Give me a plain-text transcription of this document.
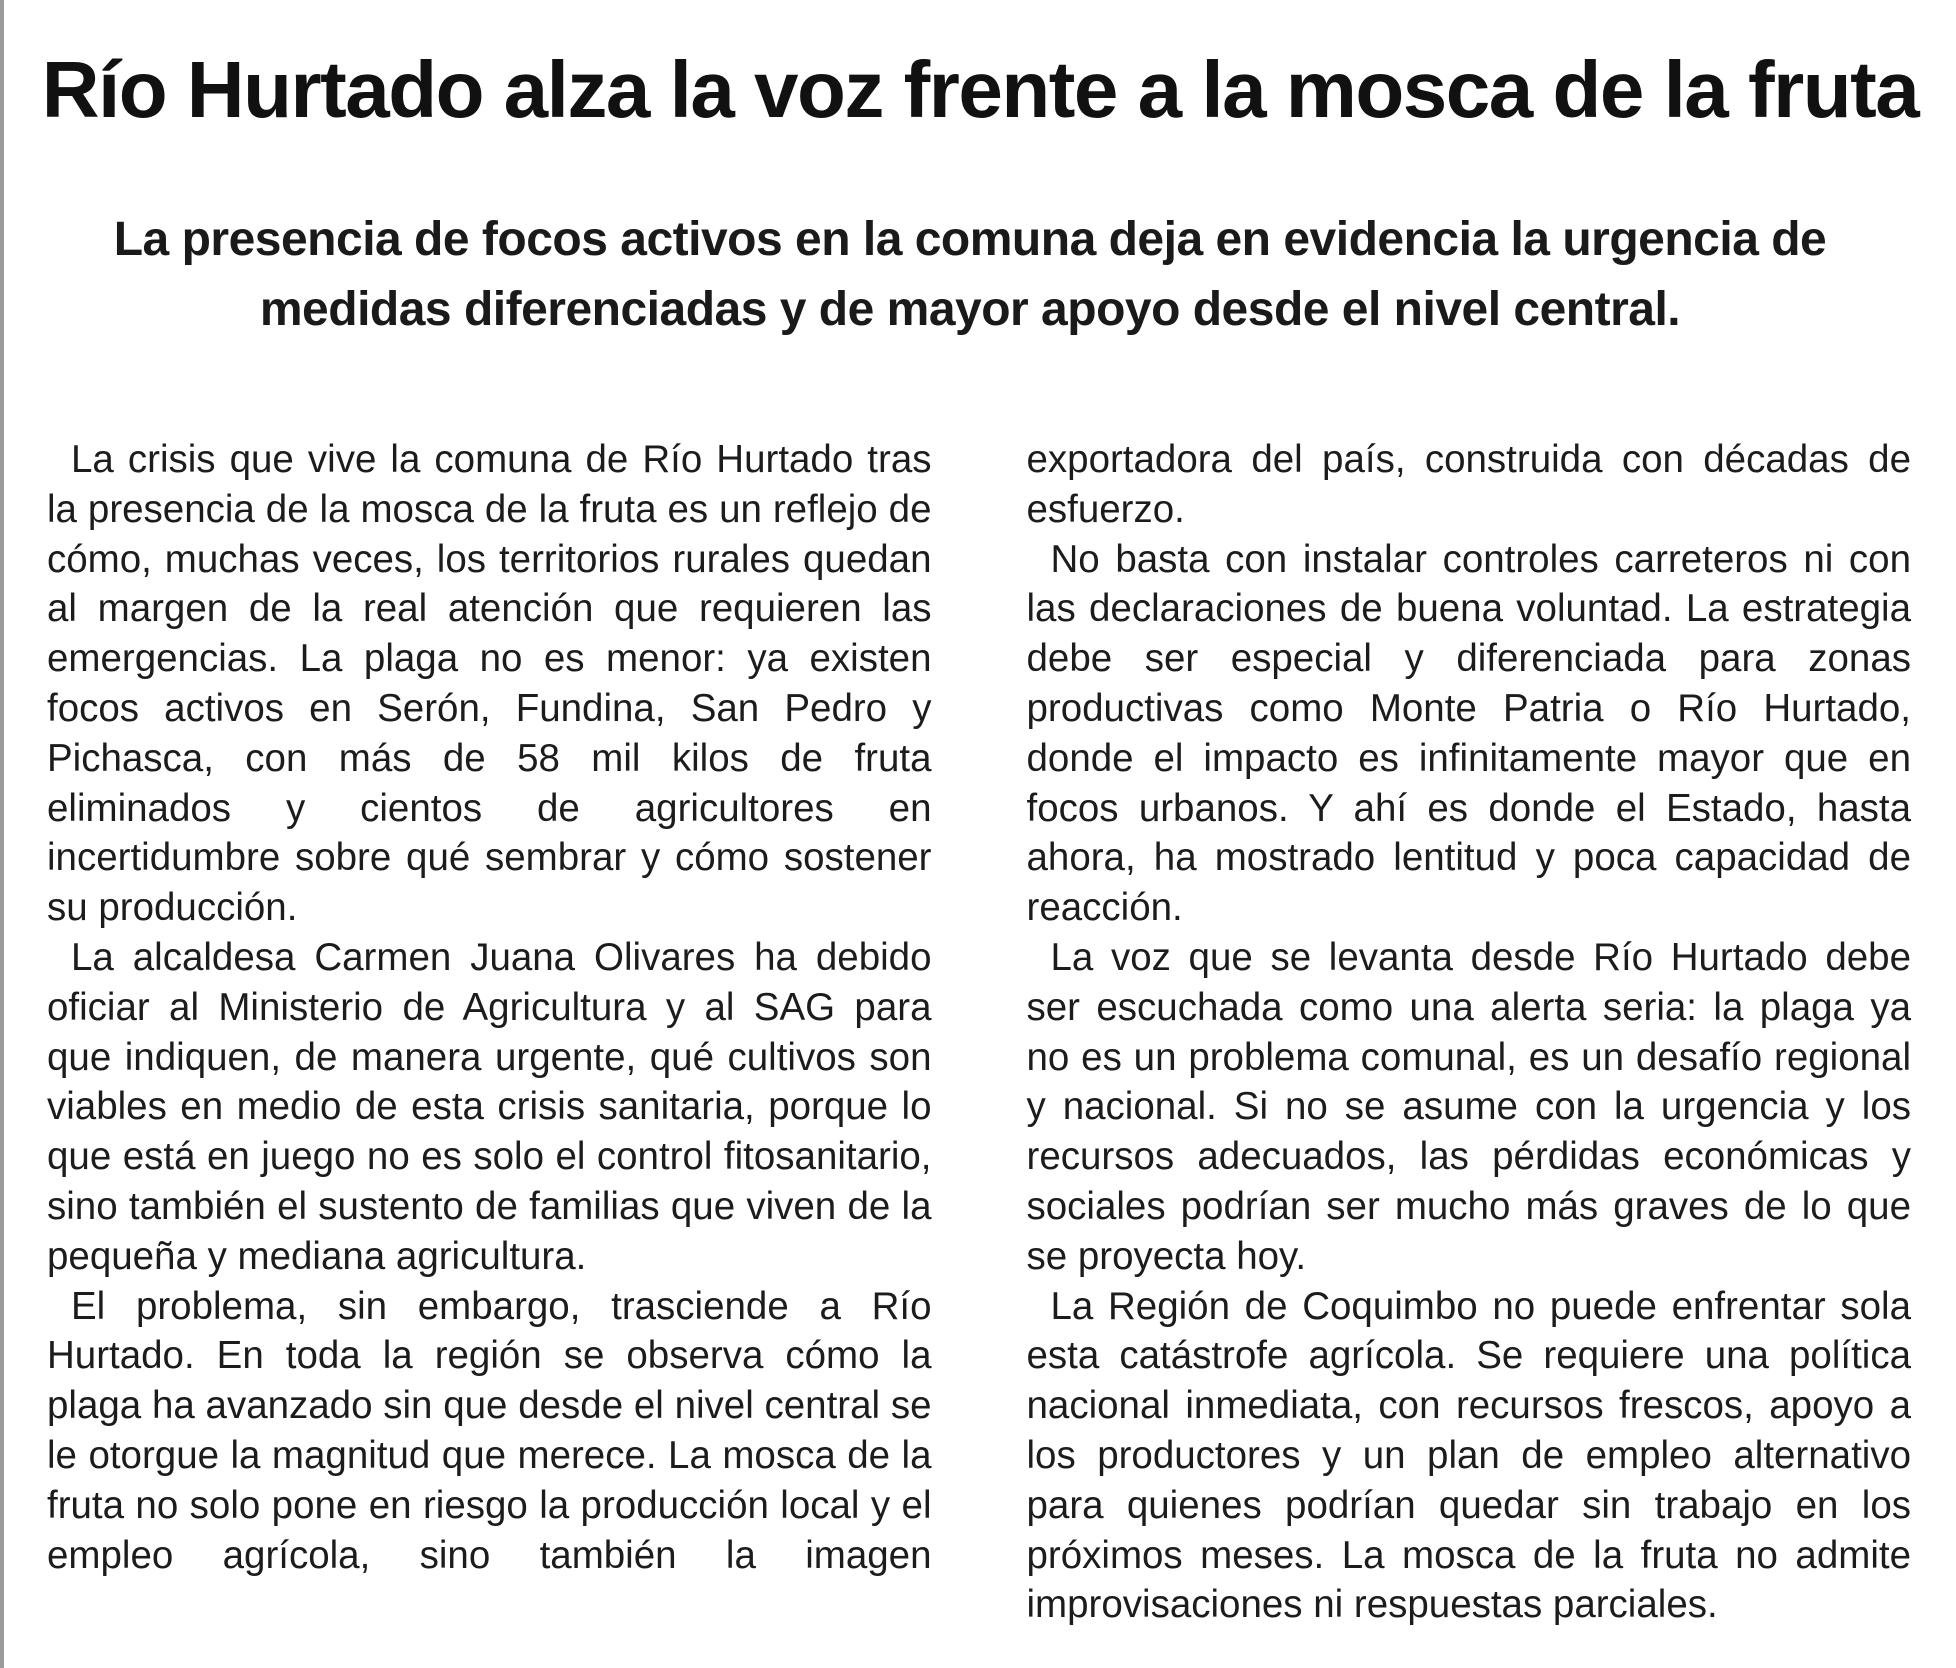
Río Hurtado alza la voz frente a la mosca de la fruta
La presencia de focos activos en la comuna deja en evidencia la urgencia de medidas diferenciadas y de mayor apoyo desde el nivel central.

La crisis que vive la comuna de Río Hurtado tras la presencia de la mosca de la fruta es un reflejo de cómo, muchas veces, los territorios rurales quedan al margen de la real atención que requieren las emergencias. La plaga no es menor: ya existen focos activos en Serón, Fundina, San Pedro y Pichasca, con más de 58 mil kilos de fruta eliminados y cientos de agricultores en incertidumbre sobre qué sembrar y cómo sostener su producción.

La alcaldesa Carmen Juana Olivares ha debido oficiar al Ministerio de Agricultura y al SAG para que indiquen, de manera urgente, qué cultivos son viables en medio de esta crisis sanitaria, porque lo que está en juego no es solo el control fitosanitario, sino también el sustento de familias que viven de la pequeña y mediana agricultura.

El problema, sin embargo, trasciende a Río Hurtado. En toda la región se observa cómo la plaga ha avanzado sin que desde el nivel central se le otorgue la magnitud que merece. La mosca de la fruta no solo pone en riesgo la producción local y el empleo agrícola, sino también la imagen exportadora del país, construida con décadas de esfuerzo.

No basta con instalar controles carreteros ni con las declaraciones de buena voluntad. La estrategia debe ser especial y diferenciada para zonas productivas como Monte Patria o Río Hurtado, donde el impacto es infinitamente mayor que en focos urbanos. Y ahí es donde el Estado, hasta ahora, ha mostrado lentitud y poca capacidad de reacción.

La voz que se levanta desde Río Hurtado debe ser escuchada como una alerta seria: la plaga ya no es un problema comunal, es un desafío regional y nacional. Si no se asume con la urgencia y los recursos adecuados, las pérdidas económicas y sociales podrían ser mucho más graves de lo que se proyecta hoy.

La Región de Coquimbo no puede enfrentar sola esta catástrofe agrícola. Se requiere una política nacional inmediata, con recursos frescos, apoyo a los productores y un plan de empleo alternativo para quienes podrían quedar sin trabajo en los próximos meses. La mosca de la fruta no admite improvisaciones ni respuestas parciales.
